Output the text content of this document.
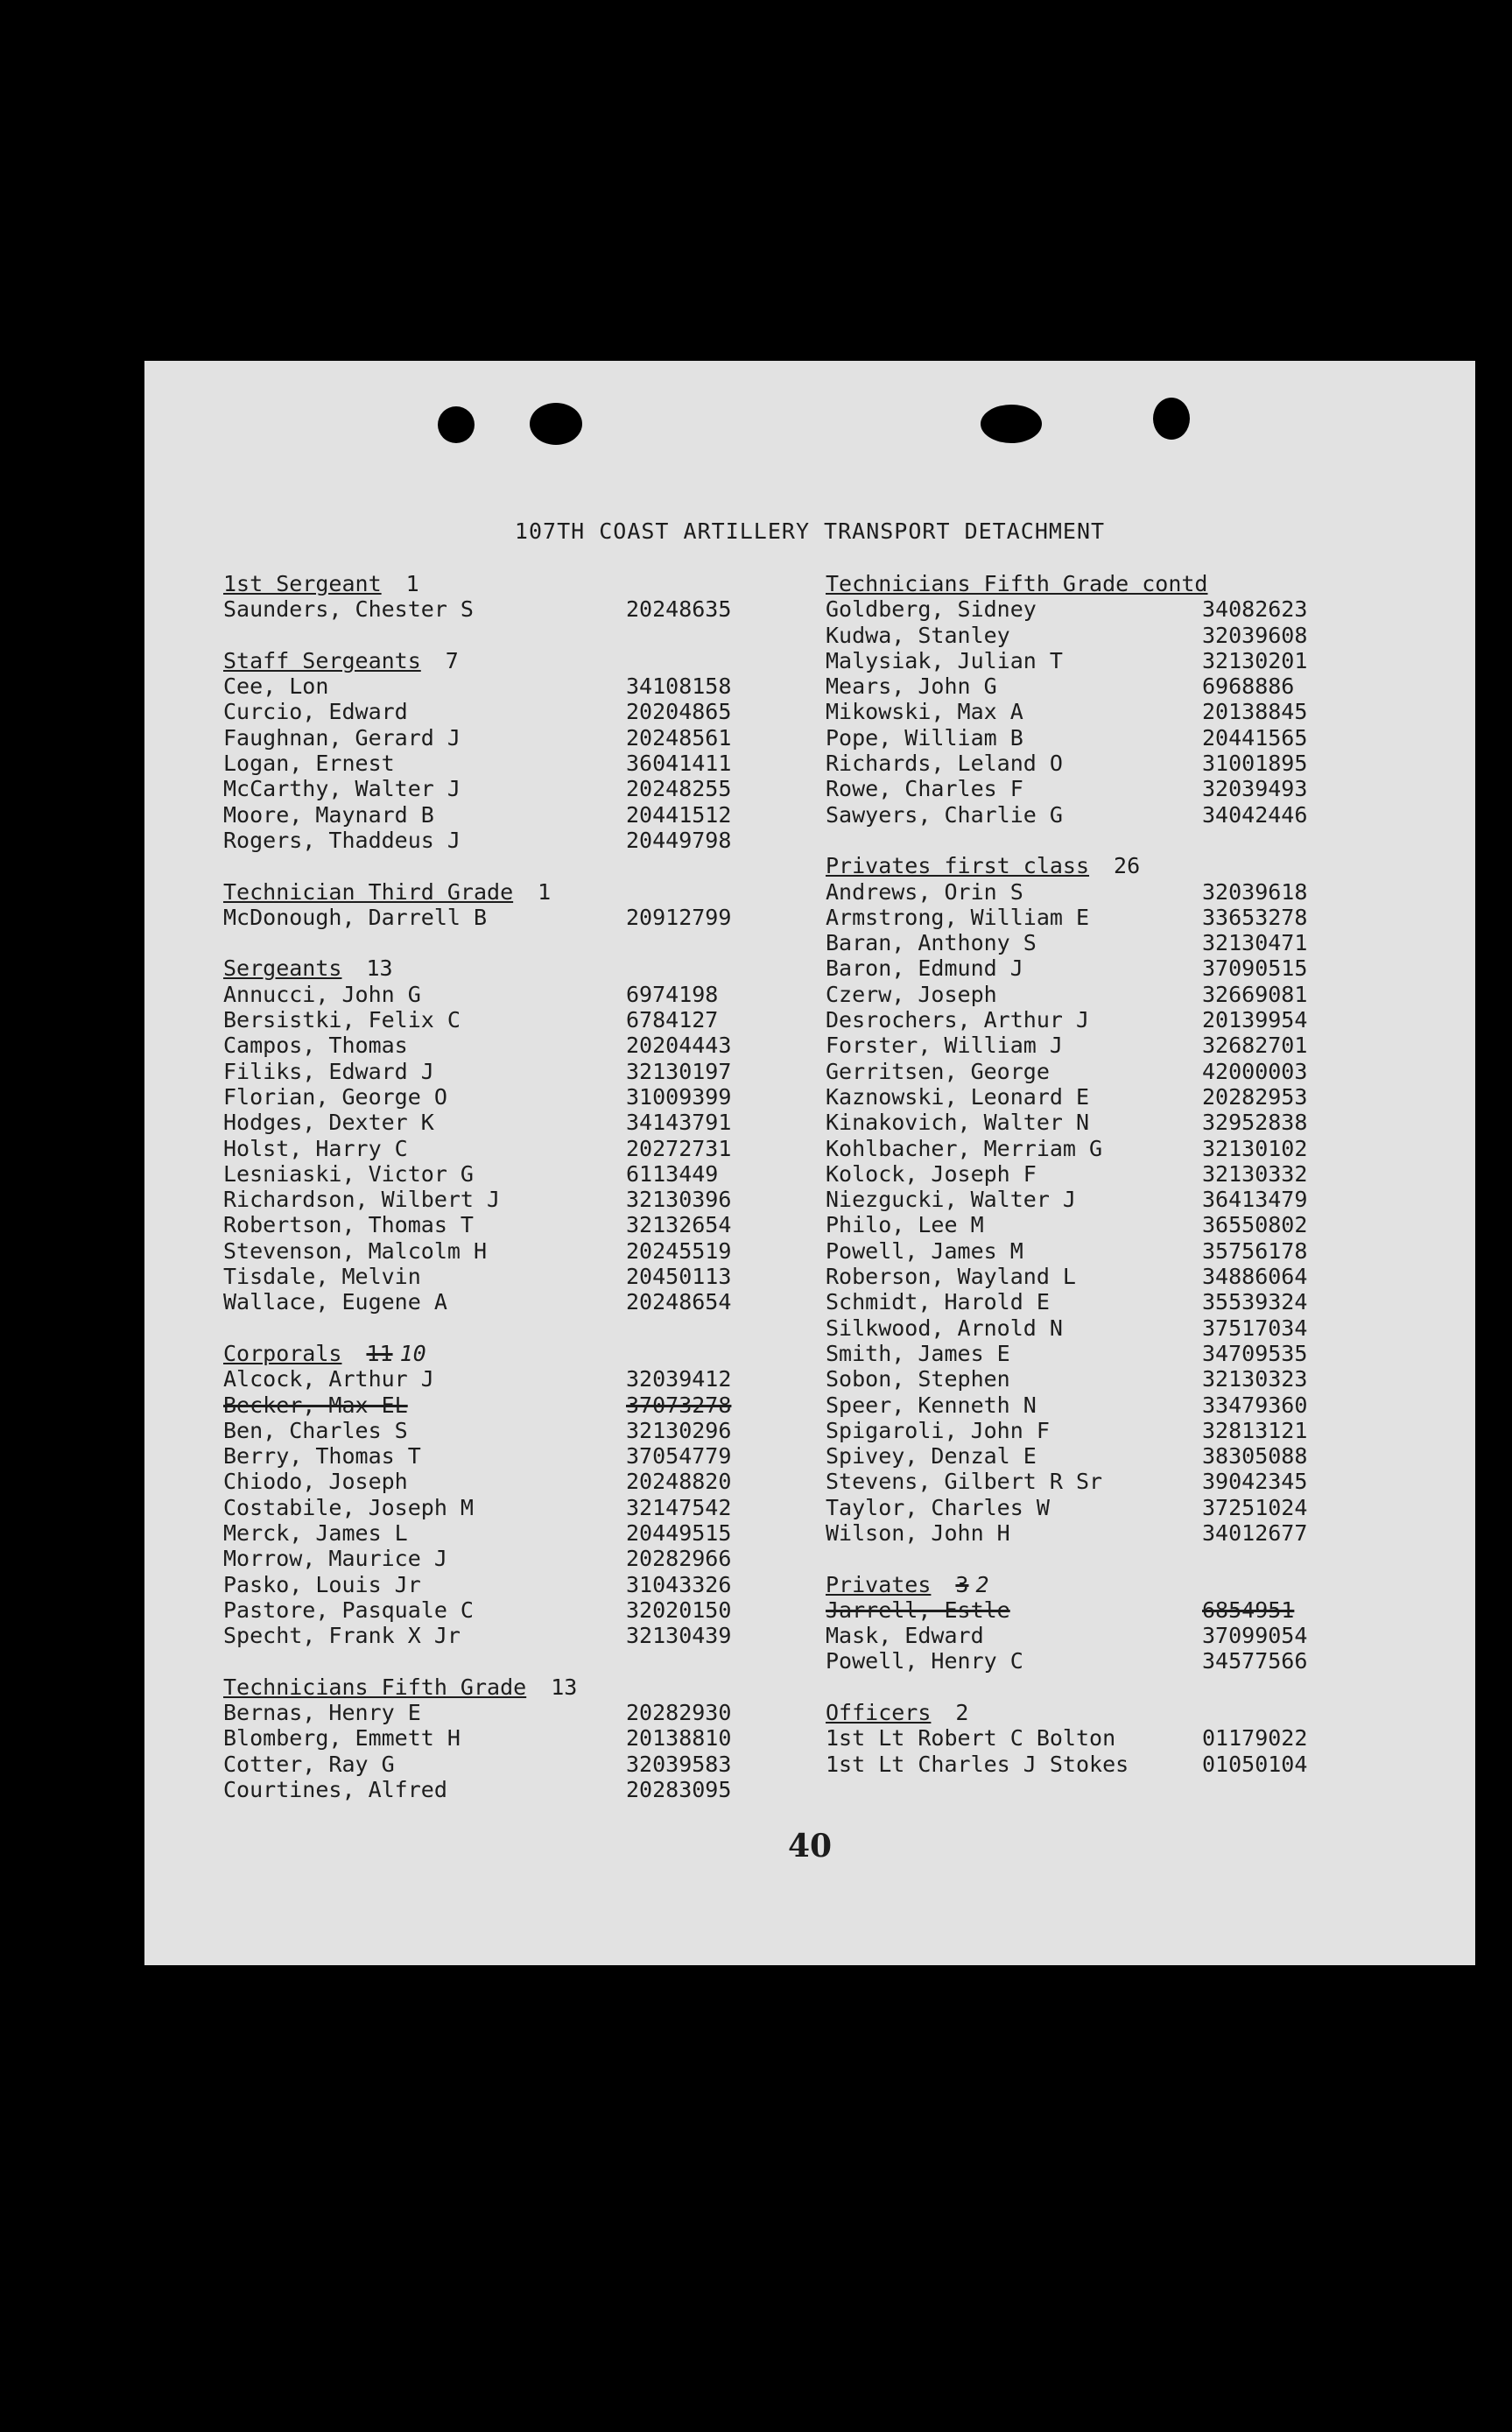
107TH COAST ARTILLERY TRANSPORT DETACHMENT
1st Sergeant 1
Saunders, Chester S	20248635
Staff Sergeants 7
Cee, Lon	34108158
Curcio, Edward	20204865
Faughnan, Gerard J	20248561
Logan, Ernest	36041411
McCarthy, Walter J	20248255
Moore, Maynard B	20441512
Rogers, Thaddeus J	20449798
Technician Third Grade 1
McDonough, Darrell B	20912799
Sergeants 13
Annucci, John G	6974198
Bersistki, Felix C	6784127
Campos, Thomas	20204443
Filiks, Edward J	32130197
Florian, George O	31009399
Hodges, Dexter K	34143791
Holst, Harry C	20272731
Lesniaski, Victor G	6113449
Richardson, Wilbert J	32130396
Robertson, Thomas T	32132654
Stevenson, Malcolm H	20245519
Tisdale, Melvin	20450113
Wallace, Eugene A	20248654
Corporals 11 10
Alcock, Arthur J	32039412
Becker, Max EL	37073278
Ben, Charles S	32130296
Berry, Thomas T	37054779
Chiodo, Joseph	20248820
Costabile, Joseph M	32147542
Merck, James L	20449515
Morrow, Maurice J	20282966
Pasko, Louis Jr	31043326
Pastore, Pasquale C	32020150
Specht, Frank X Jr	32130439
Technicians Fifth Grade 13
Bernas, Henry E	20282930
Blomberg, Emmett H	20138810
Cotter, Ray G	32039583
Courtines, Alfred	20283095
Technicians Fifth Grade contd
Goldberg, Sidney	34082623
Kudwa, Stanley	32039608
Malysiak, Julian T	32130201
Mears, John G	6968886
Mikowski, Max A	20138845
Pope, William B	20441565
Richards, Leland O	31001895
Rowe, Charles F	32039493
Sawyers, Charlie G	34042446
Privates first class 26
Andrews, Orin S	32039618
Armstrong, William E	33653278
Baran, Anthony S	32130471
Baron, Edmund J	37090515
Czerw, Joseph	32669081
Desrochers, Arthur J	20139954
Forster, William J	32682701
Gerritsen, George	42000003
Kaznowski, Leonard E	20282953
Kinakovich, Walter N	32952838
Kohlbacher, Merriam G	32130102
Kolock, Joseph F	32130332
Niezgucki, Walter J	36413479
Philo, Lee M	36550802
Powell, James M	35756178
Roberson, Wayland L	34886064
Schmidt, Harold E	35539324
Silkwood, Arnold N	37517034
Smith, James E	34709535
Sobon, Stephen	32130323
Speer, Kenneth N	33479360
Spigaroli, John F	32813121
Spivey, Denzal E	38305088
Stevens, Gilbert R Sr	39042345
Taylor, Charles W	37251024
Wilson, John H	34012677
Privates 3 2
Jarrell, Estle	6854951
Mask, Edward	37099054
Powell, Henry C	34577566
Officers 2
1st Lt Robert C Bolton	01179022
1st Lt Charles J Stokes	01050104
40
